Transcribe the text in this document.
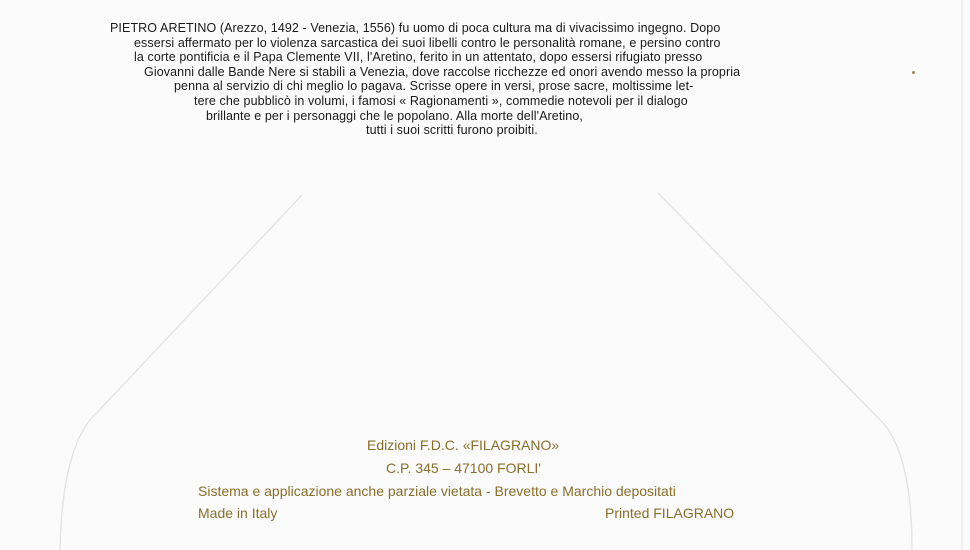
PIETRO ARETINO (Arezzo, 1492 - Venezia, 1556) fu uomo di poca cultura ma di vivacissimo ingegno. Dopo
essersi affermato per lo violenza sarcastica dei suoi libelli contro le personalità romane, e persino contro
la corte pontificia e il Papa Clemente VII, l'Aretino, ferito in un attentato, dopo essersi rifugiato presso
Giovanni dalle Bande Nere si stabilì a Venezia, dove raccolse ricchezze ed onori avendo messo la propria
penna al servizio di chi meglio lo pagava. Scrisse opere in versi, prose sacre, moltissime let-
tere che pubblicò in volumi, i famosi « Ragionamenti », commedie notevoli per il dialogo
brillante e per i personaggi che le popolano. Alla morte dell'Aretino,
tutti i suoi scritti furono proibiti.
Edizioni F.D.C. «FILAGRANO»
C.P. 345 – 47100 FORLI'
Sistema e applicazione anche parziale vietata - Brevetto e Marchio depositati
Made in Italy	Printed FILAGRANO
